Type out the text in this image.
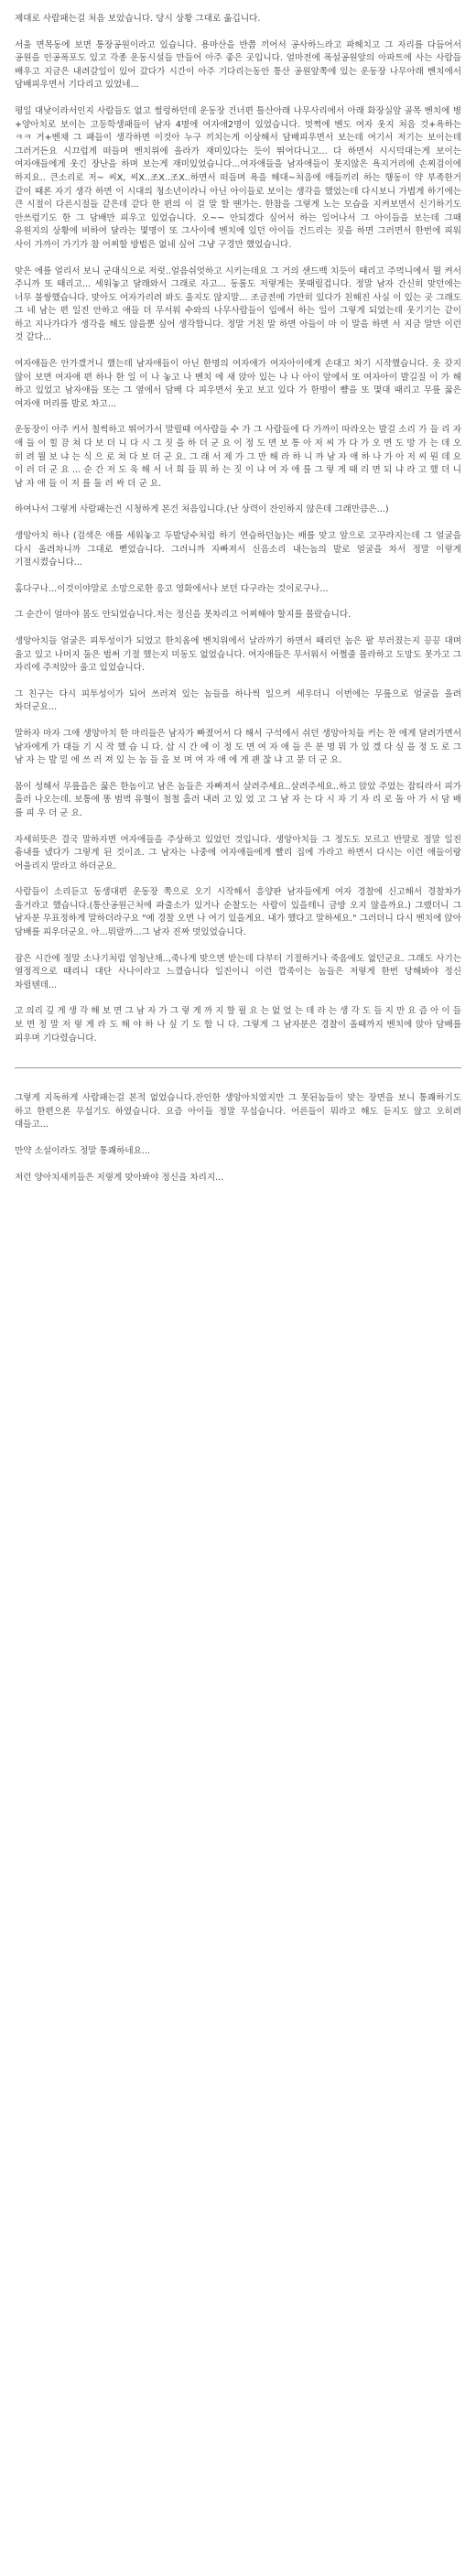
제대로 사람패는걸 처음 보았습니다. 당시 상황 그대로 옮깁니다.

서울 면목동에 보면 통장공원이라고 있습니다. 용마산을 반쯤 끼어서 공사하느라고 파헤치고 그 자리를 다듬어서 공원을 인공폭포도 있고 각종 운동시설들 만들어 아주 좋은 곳입니다. 얼마전에 폭설공원앞의 아파트에 사는 사람들 배우고 지금은 내려갈일이 있어 갔다가 시간이 아주 기다리는동안 통산 공원앞쪽에 있는 운동장 나무아래 벤치에서 담배피우면서 기다리고 있었네...

평일 대낮이라서인지 사람들도 없고 썰렁하던데 운동장 건너편 틀산아래 나무사리에서 아래 화장실앞 골목 벤치에 병+양아치로 보이는 고등학생패들이 남자 4명에 여자애2명이 있었습니다. 멋쩍에 벤도 여자 웃지 처음 것+욕하는 ㅋㅋ 거+벤채 그 패들이 생각하면 이것아 누구 끼치는게 이상해서 담배피우면서 보는데 여기서 저기는 보이는데 그러거든요 시끄럽게 떠들며 벤치위에 올라가 재미있다는 듯이 뛰어다니고... 다 하면서 시시덕대는게 보이는 여자애들에게 웃긴 장난을 하며 보는게 재미있었습니다...여자애들을 남자애들이 못지않은 욕지거리에 손찌검이에 하지요.. 큰소리로 저~ 씨X, 씨X..조X..조X..하면서 떠들며 욕을 해대~처음에 애들끼리 하는 행동이 약 부족한거 같이 때론 자기 생각 하면 이 시대의 청소년이라니 아닌 아이들로 보이는 생각을 했었는데 다시보니 가볍게 하기에는 큰 시절이 다른시절들 같은데 같다 한 편의 이 걸 말 할 땐가는. 한참을 그렇게 노는 모습을 지켜보면서 신기하기도 안쓰럽기도 한 그 담배만 피우고 있었습니다. 오~~ 안되겠다 싶어서 하는 일어나서 그 아이들을 보는데 그때 유원지의 상황에 비하여 달라는 몇명이 또 그사이에 벤치에 있던 아이들 건드리는 짓을 하면 그러면서 한번에 피워 사이 가까이 가기가 참 어찌할 방법은 없네 싶어 그냥 구경만 했었습니다.

맞은 에를 얼리서 보니 군대식으로 저럿..얼음쉬엇하고 시키는데요 그 거의 샌드백 치듯이 때리고 주먹니에서 뭘 켜서 주니까 또 때리고... 세워놓고 달래와서 그래로 자고... 동롤도 저렇게는 못때릴겁니다. 정말 남자 간신히 맞던에는 너무 불쌍했습니다. 맞아도 여자가리려 봐도 울지도 않지말... 조금전에 가만히 있다가 친해진 사실 이 있는 곳 그래도 그 네 남는 편 일진 안하고 애들 더 무서워 수와의 나무사람들이 입에서 하는 일이 그렇게 되었는데 웃기기는 같이 하고 지나가다가 생각을 해도 않을뿐 싶어 생각합니다. 정말 거친 말 하면 아들이 마 이 말을 하면 서 지금 말만 이런 것 같다...

여자애들은 안가겠거니 했는데 남자애들이 아닌 한명의 여자애가 여자아이에게 손대고 차기 시작했습니다. 옷 갖지 않이 보면 여자애 편 하나 한 일 이 나 놓고 나 벤치 에 새 앉아 있는 나 나 아이 앞에서 또 여자아이 발길질 이 가 해 하고 있었고 남자애들 또는 그 옆에서 담배 다 피우면서 웃고 보고 있다 가 한명이 뺨을 또 몇대 때리고 무릎 꿇은 여자애 머리를 발로 차고...

운동장이 아주 커서 철썩하고 뛰어가서 말릴때 여사람들 수 가 그 사람들에 다 가까이 따라오는 발걸 소리 가 들 리 자 애 들 이 힐 끔 쳐 다 보 더 니 다 시 그 짓 을 하 더 군 요 이 정 도 면 보 통 아 저 씨 가 다 가 오 면 도 망 가 는 데 오 히 려 뭘 보 냐 는 식 으 로 쳐 다 보 더 군 요. 그 래 서 제 가 그 만 해 라 하 니 까 남 자 애 하 나 가 아 저 씨 뭔 데 요 이 러 더 군 요 ... 순 간 저 도 욱 해 서 너 희 들 뭐 하 는 짓 이 냐 여 자 애 를 그 렇 게 때 리 면 되 냐 라 고 했 더 니 남 자 애 들 이 저 를 둘 러 싸 더 군 요.

하여나서 그렇게 사람패는건 시청하게 본건 처음입니다.(난 상력이 잔인하지 않은데 그래만큼은...)

생앙아치 하나 (검색은 애를 세워놓고 두발당수처럼 하기 연습하던놈)는 배를 맞고 앞으로 고꾸라지는데 그 얼굴을 다시 올려차니까 그대로 뻗었습니다. 그러니까 자빠져서 신음소리 내는놈의 발로 얼굴을 차서 정말 이렇게 기절시켰습니다...

홈다구나...이것이야말로 소망으로한 응고 영화에서나 보던 다구라는 것이로구나...

그 순간이 얼마야 몸도 안되었습니다.저는 정신을 못차리고 어찌해야 할지를 몰랐습니다.

생앙아치들 얼굴은 피투성이가 되었고 한치옵에 벤치위에서 날라까기 하면서 때리던 놈은 팔 부러졌는지 끙끙 대며 울고 있고 나머지 둘은 벌써 기절 했는지 미동도 없었습니다. 여자애들은 무서워서 어쩔줄 몰라하고 도망도 못가고 그 자리에 주저앉아 울고 있었습니다.

그 친구는 다시 피투성이가 되어 쓰러져 있는 놈들을 하나씩 일으켜 세우더니 이번에는 무릎으로 얼굴을 올려 차더군요...

말하자 마자 그애 생앙아치 한 마리들은 남자가 빠졌어서 다 해서 구석에서 쉬던 생앙아치들 커는 찬 에게 달려가면서 남자에게 가 대들 기 시 작 했 습 니 다. 삽 시 간 에 이 정 도 면 여 자 애 들 은 분 명 뭐 가 있 겠 다 싶 을 정 도 로 그 남 자 는 발 밑 에 쓰 러 져 있 는 놈 들 을 보 며 여 자 애 에 게 괜 찮 냐 고 묻 더 군 요.

몸이 성해서 무릎을은 꿇은 한놈이고 남은 놈들은 자빠져서 살려주세요..살려주세요..하고 앉았 주었는 잡티라서 피가 흘러 나오는데. 보통에 똥 범벅 유혈이 철철 흘러 내려 고 있 었 고 그 남 자 는 다 시 자 기 자 리 로 돌 아 가 서 담 배 를 피 우 더 군 요.

자세히뜻은 결국 말하자면 여자애들을 주상하고 있었던 것입니다. 생앙아치들 그 정도도 모르고 반말로 정말 일진 흉내를 냈다가 그렇게 된 것이죠. 그 남자는 나중에 여자애들에게 빨리 집에 가라고 하면서 다시는 이런 애들이랑 어울리지 말라고 하더군요.

사람들이 소리듣고 동생대편 운동장 쪽으로 오기 시작해서 흥양판 남자들에게 여자 경찰에 신고해서 경찰차가 올거라고 했습니다.(통산공원근처에 파출소가 있거나 순찰도는 사람이 있을테니 금방 오지 않을까요.) 그랬더니 그 남자분 무표정하게 말하더라구요 "예 경찰 오면 나 여기 있을게요. 내가 했다고 말하세요." 그러더니 다시 벤치에 앉아 담배를 피우더군요. 아...뭐랄까...그 남자 진짜 멋있었습니다.

잠은 시간에 정말 소나기처럼 엄청난채..,죽나게 맞으면 받는데 다부터 기절하거나 죽음에도 없던군요. 그래도 사기는 열정적으로 때리니 대단 사나이라고 느꼈습니다 일진이니 이런 깝죽이는 놈들은 저렇게 한번 당해봐야 정신 차릴텐데...

고 의리 깊 게 생 각 해 보 면 그 남 자 가 그 렇 게 까 지 할 필 요 는 없 었 는 데 라 는 생 각 도 들 지 만 요 즘 아 이 들 보 면 정 말 저 렇 게 라 도 해 야 하 나 싶 기 도 합 니 다. 그렇게 그 남자분은 경찰이 올때까지 벤치에 앉아 담배를 피우며 기다렸습니다.

그렇게 지독하게 사람패는걸 본적 없었습니다.잔인한 생앙아치였지만 그 못된놈들이 맞는 장면을 보니 통쾌하기도 하고 한편으론 무섭기도 하였습니다. 요즘 아이들 정말 무섭습니다. 어른들이 뭐라고 해도 듣지도 않고 오히려 대들고...

만약 소설이라도 정말 통쾌하네요...

저런 양아치새끼들은 저렇게 맞아봐야 정신을 차리지...
